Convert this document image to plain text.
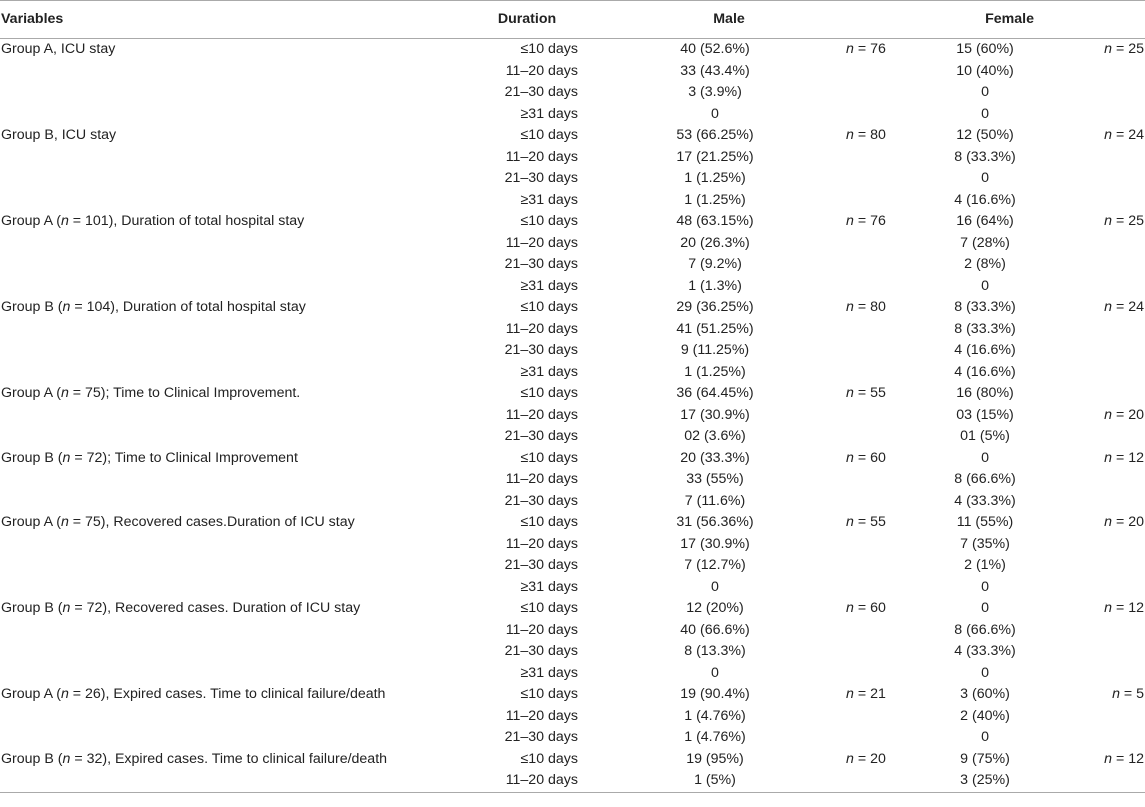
Variables	Duration	Male		Female	
Group A, ICU stay	≤10 days	40 (52.6%)	n = 76	15 (60%)	n = 25
	11–20 days	33 (43.4%)		10 (40%)	
	21–30 days	3 (3.9%)		0	
	≥31 days	0		0	
Group B, ICU stay	≤10 days	53 (66.25%)	n = 80	12 (50%)	n = 24
	11–20 days	17 (21.25%)		8 (33.3%)	
	21–30 days	1 (1.25%)		0	
	≥31 days	1 (1.25%)		4 (16.6%)	
Group A (n = 101), Duration of total hospital stay	≤10 days	48 (63.15%)	n = 76	16 (64%)	n = 25
	11–20 days	20 (26.3%)		7 (28%)	
	21–30 days	7 (9.2%)		2 (8%)	
	≥31 days	1 (1.3%)		0	
Group B (n = 104), Duration of total hospital stay	≤10 days	29 (36.25%)	n = 80	8 (33.3%)	n = 24
	11–20 days	41 (51.25%)		8 (33.3%)	
	21–30 days	9 (11.25%)		4 (16.6%)	
	≥31 days	1 (1.25%)		4 (16.6%)	
Group A (n = 75); Time to Clinical Improvement.	≤10 days	36 (64.45%)	n = 55	16 (80%)	
	11–20 days	17 (30.9%)		03 (15%)	n = 20
	21–30 days	02 (3.6%)		01 (5%)	
Group B (n = 72); Time to Clinical Improvement	≤10 days	20 (33.3%)	n = 60	0	n = 12
	11–20 days	33 (55%)		8 (66.6%)	
	21–30 days	7 (11.6%)		4 (33.3%)	
Group A (n = 75), Recovered cases.Duration of ICU stay	≤10 days	31 (56.36%)	n = 55	11 (55%)	n = 20
	11–20 days	17 (30.9%)		7 (35%)	
	21–30 days	7 (12.7%)		2 (1%)	
	≥31 days	0		0	
Group B (n = 72), Recovered cases. Duration of ICU stay	≤10 days	12 (20%)	n = 60	0	n = 12
	11–20 days	40 (66.6%)		8 (66.6%)	
	21–30 days	8 (13.3%)		4 (33.3%)	
	≥31 days	0		0	
Group A (n = 26), Expired cases. Time to clinical failure/death	≤10 days	19 (90.4%)	n = 21	3 (60%)	n = 5
	11–20 days	1 (4.76%)		2 (40%)	
	21–30 days	1 (4.76%)		0	
Group B (n = 32), Expired cases. Time to clinical failure/death	≤10 days	19 (95%)	n = 20	9 (75%)	n = 12
	11–20 days	1 (5%)		3 (25%)	
